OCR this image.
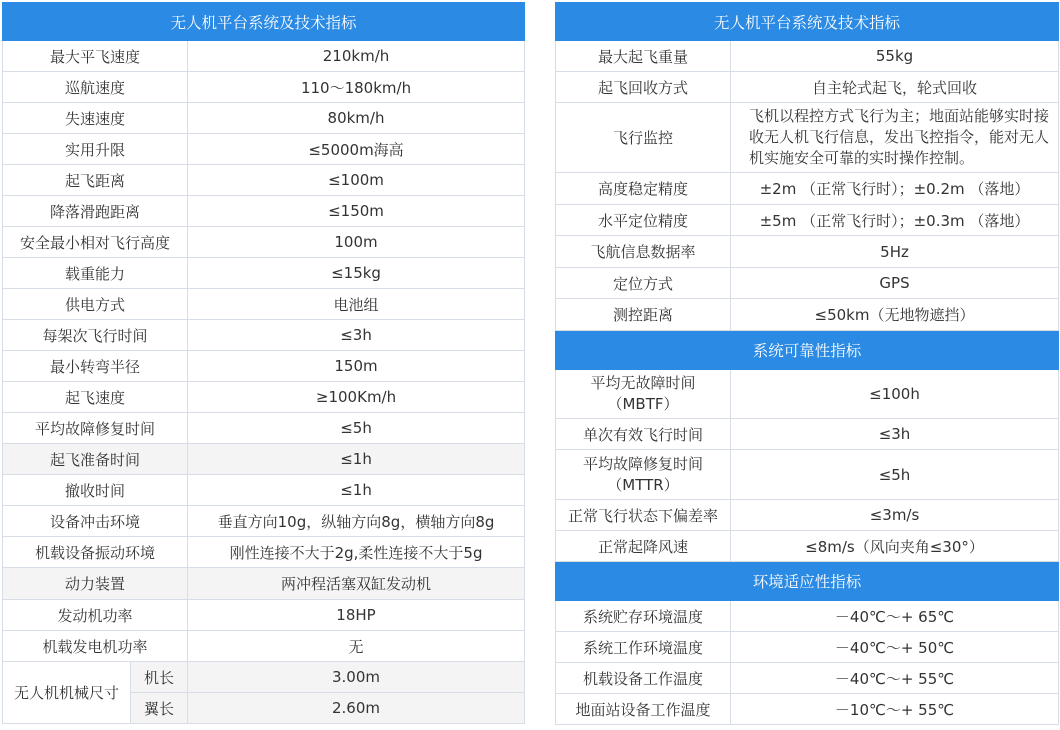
无人机平台系统及技术指标		
最大平飞速度		210km/h
巡航速度		110～180km/h
失速速度		80km/h
实用升限		≤5000m海高
起飞距离		≤100m
降落滑跑距离		≤150m
安全最小相对飞行高度		100m
载重能力		≤15kg
供电方式		电池组
每架次飞行时间		≤3h
最小转弯半径		150m
起飞速度		≥100Km/h
平均故障修复时间		≤5h
起飞准备时间		≤1h
撤收时间		≤1h
设备冲击环境		垂直方向10g，纵轴方向8g，横轴方向8g
机载设备振动环境		刚性连接不大于2g,柔性连接不大于5g
动力装置		两冲程活塞双缸发动机
发动机功率		18HP
机载发电机功率		无
无人机机械尺寸	机长	3.00m
	翼长	2.60m
无人机平台系统及技术指标	
最大起飞重量	55kg
起飞回收方式	自主轮式起飞，轮式回收
飞行监控	飞机以程控方式飞行为主；地面站能够实时接收无人机飞行信息，发出飞控指令，能对无人机实施安全可靠的实时操作控制。
高度稳定精度	±2m （正常飞行时）；±0.2m （落地）
水平定位精度	±5m （正常飞行时）；±0.3m （落地）
飞航信息数据率	5Hz
定位方式	GPS
测控距离	≤50km（无地物遮挡）
系统可靠性指标	
平均无故障时间（MBTF）	≤100h
单次有效飞行时间	≤3h
平均故障修复时间（MTTR）	≤5h
正常飞行状态下偏差率	≤3m/s
正常起降风速	≤8m/s（风向夹角≤30°）
环境适应性指标	
系统贮存环境温度	－40℃～+ 65℃
系统工作环境温度	－40℃～+ 50℃
机载设备工作温度	－40℃～+ 55℃
地面站设备工作温度	－10℃～+ 55℃
